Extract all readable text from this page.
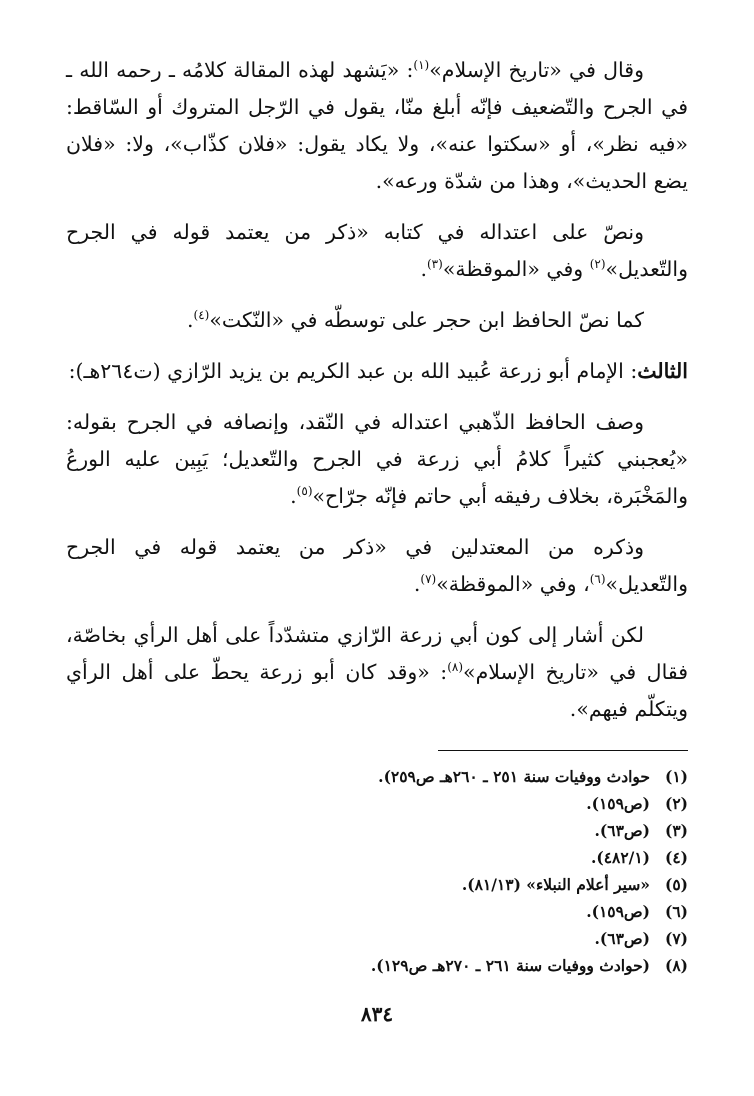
وقال في «تاريخ الإسلام»$^{(١)}$: «يَشهد لهذه المقالة كلامُه ـ رحمه الله ـ في الجرح والتّضعيف فإنّه أبلغ منّا، يقول في الرّجل المتروك أو السّاقط: «فيه نظر»، أو «سكتوا عنه»، ولا يكاد يقول: «فلان كذّاب»، ولا: «فلان يضع الحديث»، وهذا من شدّة ورعه».

ونصّ على اعتداله في كتابه «ذكر من يعتمد قوله في الجرح والتّعديل»$^{(٢)}$ وفي «الموقظة»$^{(٣)}$.

كما نصّ الحافظ ابن حجر على توسطّه في «النّكت»$^{(٤)}$.

الثالث: الإمام أبو زرعة عُبيد الله بن عبد الكريم بن يزيد الرّازي (ت٢٦٤هـ):

وصف الحافظ الذّهبي اعتداله في النّقد، وإنصافه في الجرح بقوله: «يُعجبني كثيراً كلامُ أبي زرعة في الجرح والتّعديل؛ يَبِين عليه الورعُ والمَخْبَرة، بخلاف رفيقه أبي حاتم فإنّه جرّاح»$^{(٥)}$.

وذكره من المعتدلين في «ذكر من يعتمد قوله في الجرح والتّعديل»$^{(٦)}$، وفي «الموقظة»$^{(٧)}$.

لكن أشار إلى كون أبي زرعة الرّازي متشدّداً على أهل الرأي بخاصّة، فقال في «تاريخ الإسلام»$^{(٨)}$: «وقد كان أبو زرعة يحطّ على أهل الرأي ويتكلّم فيهم».

(١)
حوادث ووفيات سنة ٢٥١ ـ ٢٦٠هـ ص٢٥٩).
(٢)
(ص١٥٩).
(٣)
(ص٦٣).
(٤)
(٤٨٢/١).
(٥)
«سير أعلام النبلاء» (٨١/١٣).
(٦)
(ص١٥٩).
(٧)
(ص٦٣).
(٨)
(حوادث ووفيات سنة ٢٦١ ـ ٢٧٠هـ ص١٢٩).
٨٣٤
